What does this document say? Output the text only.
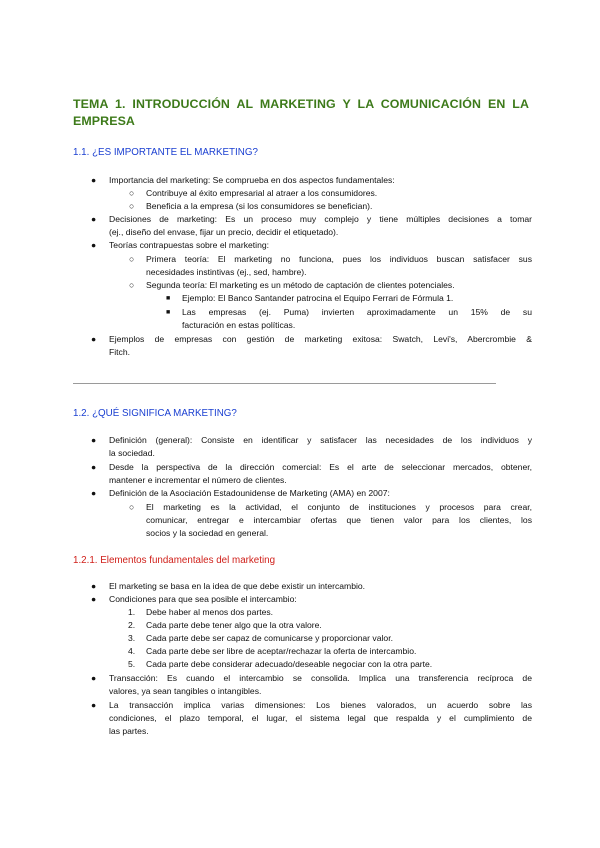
TEMA 1. INTRODUCCIÓN AL MARKETING Y LA COMUNICACIÓN EN LA EMPRESA
1.1. ¿ES IMPORTANTE EL MARKETING?
● Importancia del marketing: Se comprueba en dos aspectos fundamentales:
○ Contribuye al éxito empresarial al atraer a los consumidores.
○ Beneficia a la empresa (si los consumidores se benefician).
● Decisiones de marketing: Es un proceso muy complejo y tiene múltiples decisiones a tomar
(ej., diseño del envase, fijar un precio, decidir el etiquetado).
● Teorías contrapuestas sobre el marketing:
○ Primera teoría: El marketing no funciona, pues los individuos buscan satisfacer sus
necesidades instintivas (ej., sed, hambre).
○ Segunda teoría: El marketing es un método de captación de clientes potenciales.
■ Ejemplo: El Banco Santander patrocina el Equipo Ferrari de Fórmula 1.
■ Las empresas (ej. Puma) invierten aproximadamente un 15% de su
facturación en estas políticas.
● Ejemplos de empresas con gestión de marketing exitosa: Swatch, Levi's, Abercrombie &
Fitch.
1.2. ¿QUÉ SIGNIFICA MARKETING?
● Definición (general): Consiste en identificar y satisfacer las necesidades de los individuos y
la sociedad.
● Desde la perspectiva de la dirección comercial: Es el arte de seleccionar mercados, obtener,
mantener e incrementar el número de clientes.
● Definición de la Asociación Estadounidense de Marketing (AMA) en 2007:
○ El marketing es la actividad, el conjunto de instituciones y procesos para crear,
comunicar, entregar e intercambiar ofertas que tienen valor para los clientes, los
socios y la sociedad en general.
1.2.1. Elementos fundamentales del marketing
● El marketing se basa en la idea de que debe existir un intercambio.
● Condiciones para que sea posible el intercambio:
1. Debe haber al menos dos partes.
2. Cada parte debe tener algo que la otra valore.
3. Cada parte debe ser capaz de comunicarse y proporcionar valor.
4. Cada parte debe ser libre de aceptar/rechazar la oferta de intercambio.
5. Cada parte debe considerar adecuado/deseable negociar con la otra parte.
● Transacción: Es cuando el intercambio se consolida. Implica una transferencia recíproca de
valores, ya sean tangibles o intangibles.
● La transacción implica varias dimensiones: Los bienes valorados, un acuerdo sobre las
condiciones, el plazo temporal, el lugar, el sistema legal que respalda y el cumplimiento de
las partes.
